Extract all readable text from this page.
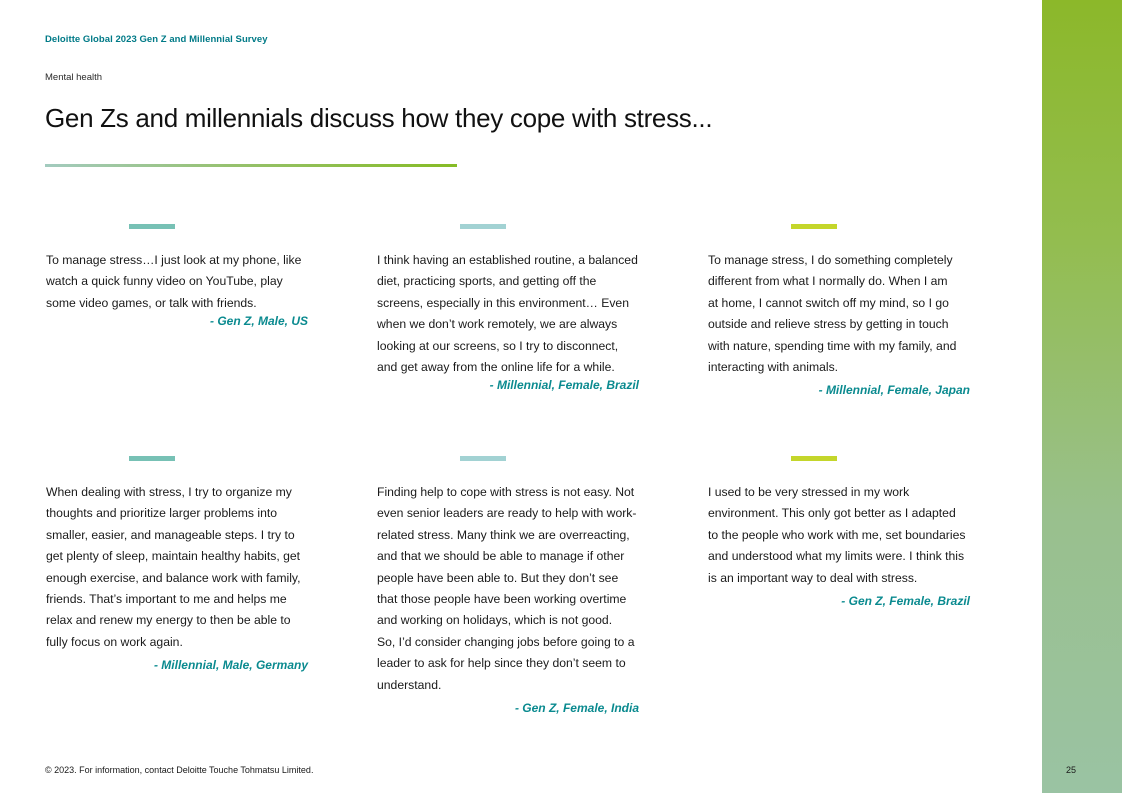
Deloitte Global 2023 Gen Z and Millennial Survey
Mental health
Gen Zs and millennials discuss how they cope with stress...
To manage stress…I just look at my phone, like
watch a quick funny video on YouTube, play
some video games, or talk with friends.
- Gen Z, Male, US
I think having an established routine, a balanced
diet, practicing sports, and getting off the
screens, especially in this environment… Even
when we don’t work remotely, we are always
looking at our screens, so I try to disconnect,
and get away from the online life for a while.
- Millennial, Female, Brazil
To manage stress, I do something completely
different from what I normally do. When I am
at home, I cannot switch off my mind, so I go
outside and relieve stress by getting in touch
with nature, spending time with my family, and
interacting with animals.
- Millennial, Female, Japan
When dealing with stress, I try to organize my
thoughts and prioritize larger problems into
smaller, easier, and manageable steps. I try to
get plenty of sleep, maintain healthy habits, get
enough exercise, and balance work with family,
friends. That’s important to me and helps me
relax and renew my energy to then be able to
fully focus on work again.
- Millennial, Male, Germany
Finding help to cope with stress is not easy. Not
even senior leaders are ready to help with work-
related stress. Many think we are overreacting,
and that we should be able to manage if other
people have been able to. But they don’t see
that those people have been working overtime
and working on holidays, which is not good.
So, I’d consider changing jobs before going to a
leader to ask for help since they don’t seem to
understand.
- Gen Z, Female, India
I used to be very stressed in my work
environment. This only got better as I adapted
to the people who work with me, set boundaries
and understood what my limits were. I think this
is an important way to deal with stress.
- Gen Z, Female, Brazil
© 2023. For information, contact Deloitte Touche Tohmatsu Limited.	25
